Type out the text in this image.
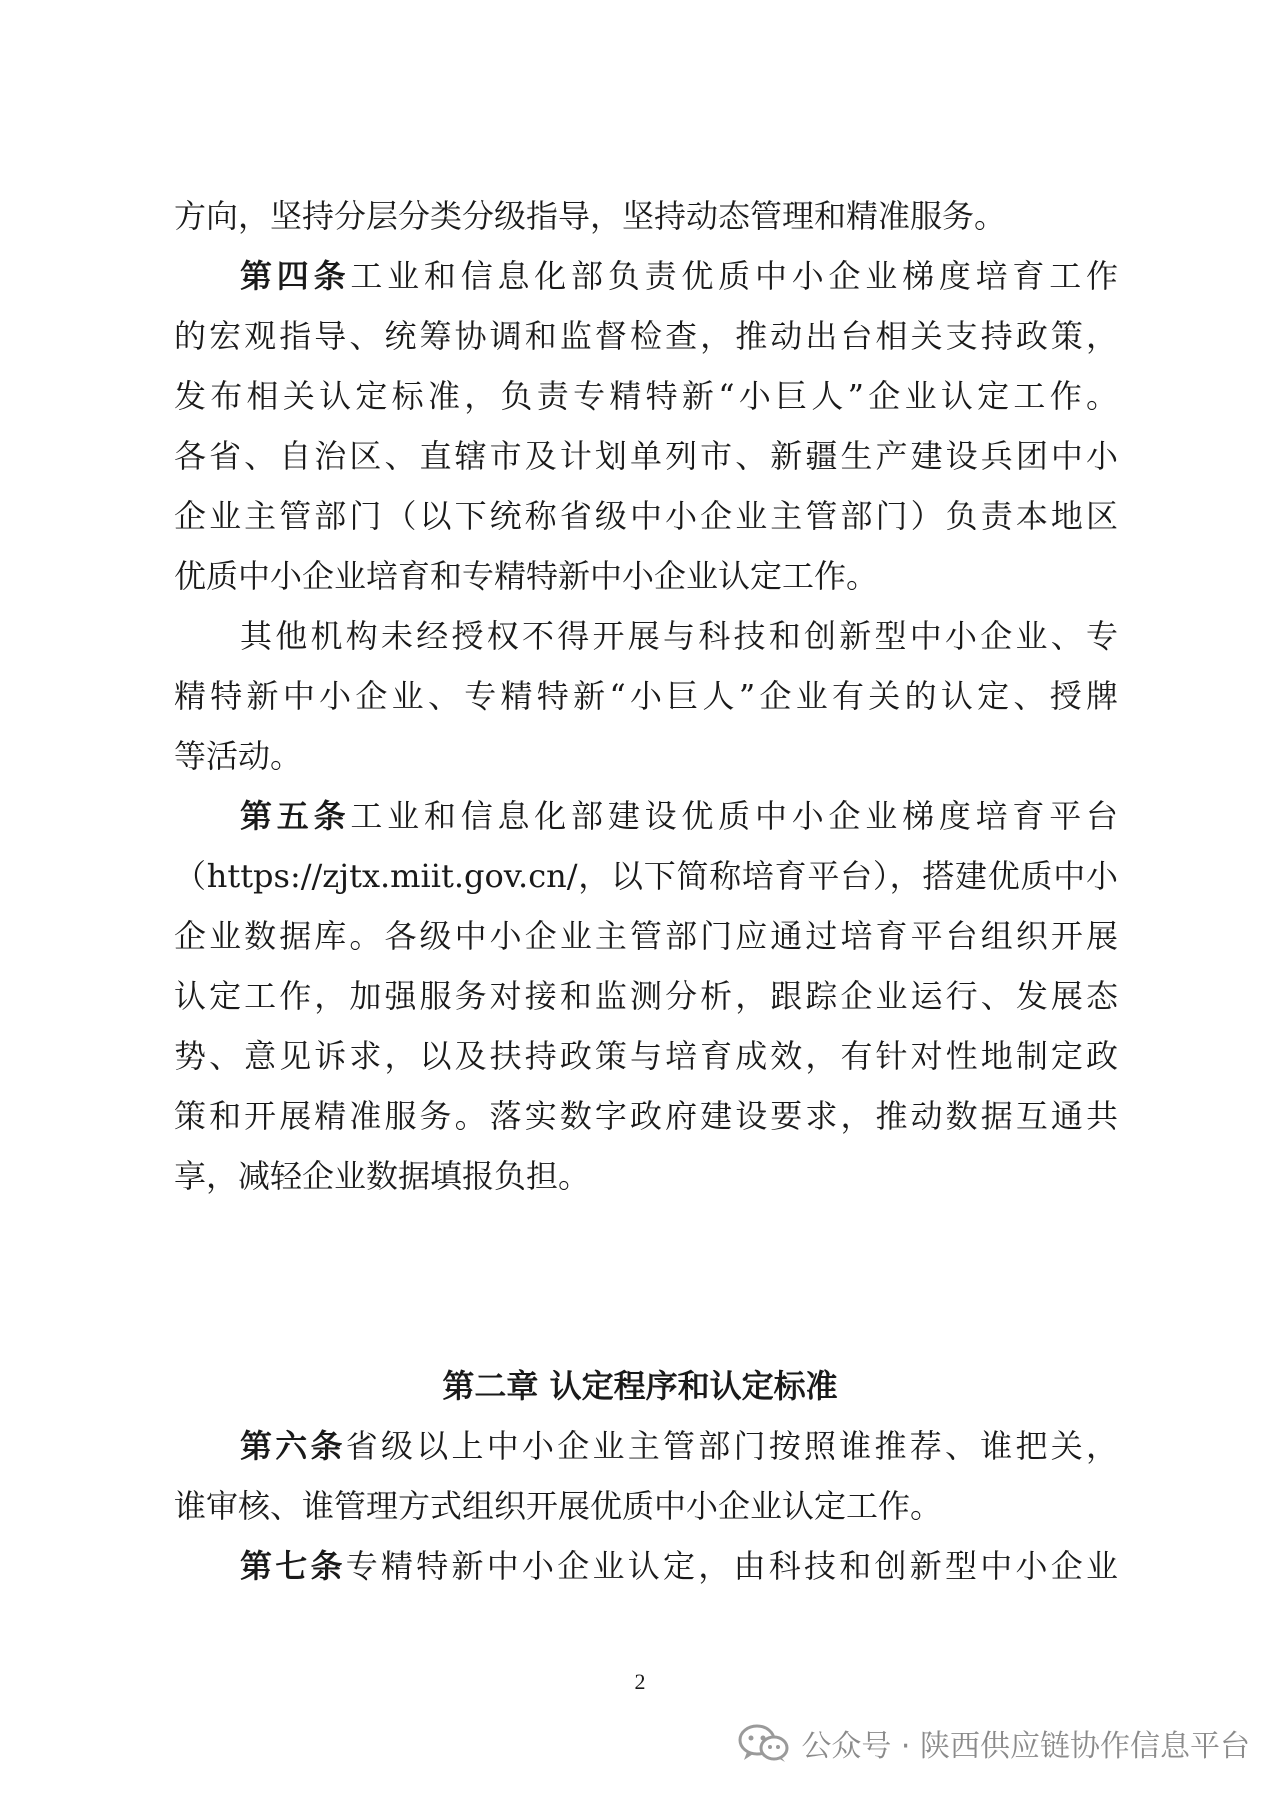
方向，坚持分层分类分级指导，坚持动态管理和精准服务。
第四条工业和信息化部负责优质中小企业梯度培育工作
的宏观指导、统筹协调和监督检查，推动出台相关支持政策，
发布相关认定标准，负责专精特新“小巨人”企业认定工作。
各省、自治区、直辖市及计划单列市、新疆生产建设兵团中小
企业主管部门（以下统称省级中小企业主管部门）负责本地区
优质中小企业培育和专精特新中小企业认定工作。
其他机构未经授权不得开展与科技和创新型中小企业、专
精特新中小企业、专精特新“小巨人”企业有关的认定、授牌
等活动。
第五条工业和信息化部建设优质中小企业梯度培育平台
（https://zjtx.miit.gov.cn/，以下简称培育平台），搭建优质中小
企业数据库。各级中小企业主管部门应通过培育平台组织开展
认定工作，加强服务对接和监测分析，跟踪企业运行、发展态
势、意见诉求，以及扶持政策与培育成效，有针对性地制定政
策和开展精准服务。落实数字政府建设要求，推动数据互通共
享，减轻企业数据填报负担。
第二章 认定程序和认定标准
第六条省级以上中小企业主管部门按照谁推荐、谁把关，
谁审核、谁管理方式组织开展优质中小企业认定工作。
第七条专精特新中小企业认定，由科技和创新型中小企业
2
公众号 · 陕西供应链协作信息平台
